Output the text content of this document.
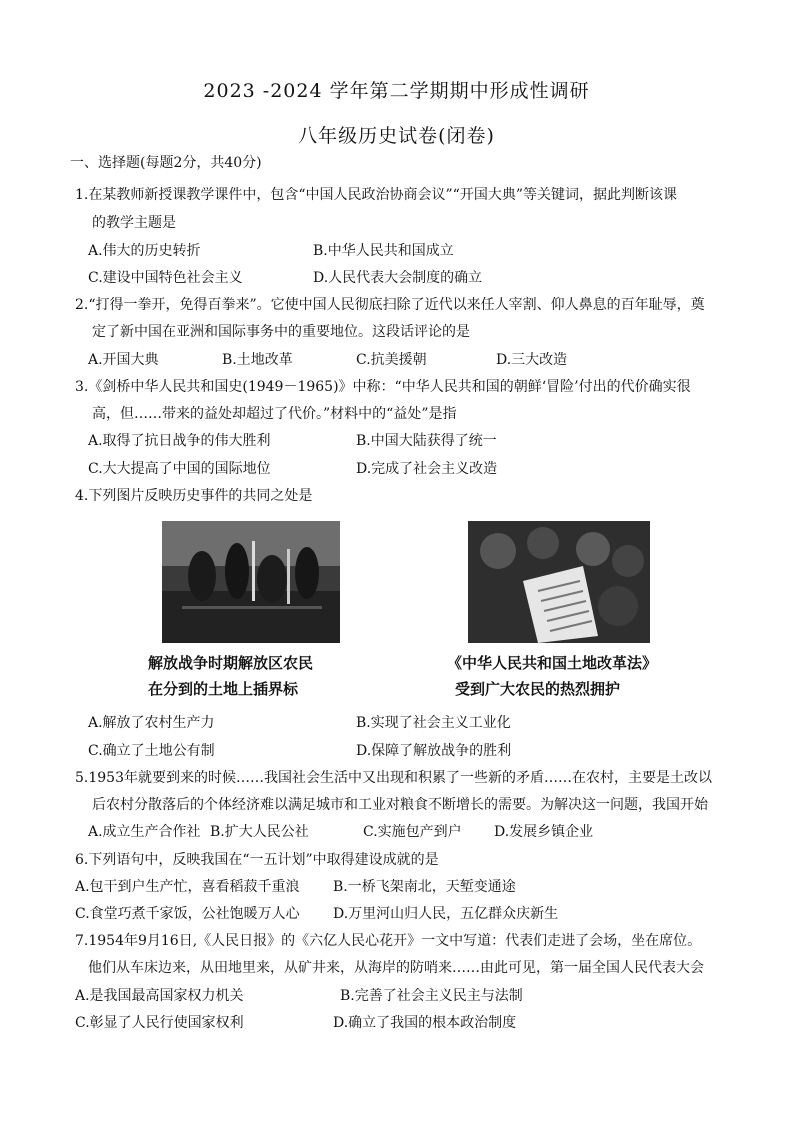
2023 -2024 学年第二学期期中形成性调研
八年级历史试卷(闭卷)
一、选择题(每题2分，共40分)
1.在某教师新授课教学课件中，包含“中国人民政治协商会议”“开国大典”等关键词，据此判断该课
的教学主题是
A.伟大的历史转折	B.中华人民共和国成立
C.建设中国特色社会主义	D.人民代表大会制度的确立
2.“打得一拳开，免得百拳来”。它使中国人民彻底扫除了近代以来任人宰割、仰人鼻息的百年耻辱，奠
定了新中国在亚洲和国际事务中的重要地位。这段话评论的是
A.开国大典	B.土地改革	C.抗美援朝	D.三大改造
3.《剑桥中华人民共和国史(1949－1965)》中称：“中华人民共和国的朝鲜‘冒险’付出的代价确实很
高，但……带来的益处却超过了代价。”材料中的“益处”是指
A.取得了抗日战争的伟大胜利	B.中国大陆获得了统一
C.大大提高了中国的国际地位	D.完成了社会主义改造
4.下列图片反映历史事件的共同之处是
解放战争时期解放区农民
在分到的土地上插界标
《中华人民共和国土地改革法》
受到广大农民的热烈拥护
A.解放了农村生产力	B.实现了社会主义工业化
C.确立了土地公有制	D.保障了解放战争的胜利
5.1953年就要到来的时候……我国社会生活中又出现和积累了一些新的矛盾……在农村，主要是土改以
后农村分散落后的个体经济难以满足城市和工业对粮食不断增长的需要。为解决这一问题，我国开始
A.成立生产合作社 B.扩大人民公社	C.实施包产到户 D.发展乡镇企业
6.下列语句中，反映我国在“一五计划”中取得建设成就的是
A.包干到户生产忙，喜看稻菽千重浪 B.一桥飞架南北，天堑变通途
C.食堂巧煮千家饭，公社饱暖万人心 D.万里河山归人民，五亿群众庆新生
7.1954年9月16日,《人民日报》的《六亿人民心花开》一文中写道：代表们走进了会场，坐在席位。
他们从车床边来，从田地里来，从矿井来，从海岸的防哨来……由此可见，第一届全国人民代表大会
A.是我国最高国家权力机关	B.完善了社会主义民主与法制
C.彰显了人民行使国家权利	D.确立了我国的根本政治制度
